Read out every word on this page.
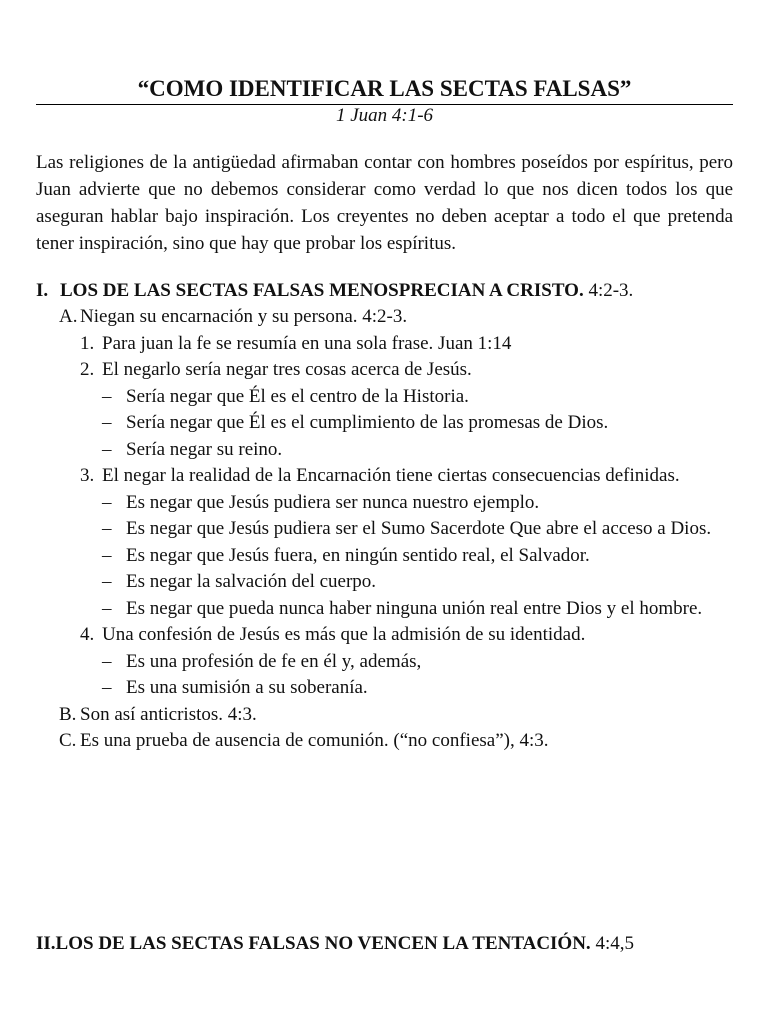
“COMO IDENTIFICAR LAS SECTAS FALSAS”
1 Juan 4:1-6
Las religiones de la antigüedad afirmaban contar con hombres poseídos por espíritus, pero Juan advierte que no debemos considerar como verdad lo que nos dicen todos los que aseguran hablar bajo inspiración. Los creyentes no deben aceptar a todo el que pretenda tener inspiración, sino que hay que probar los espíritus.
I. LOS DE LAS SECTAS FALSAS MENOSPRECIAN A CRISTO. 4:2-3.
A. Niegan su encarnación y su persona. 4:2-3.
1. Para juan la fe se resumía en una sola frase. Juan 1:14
2. El negarlo sería negar tres cosas acerca de Jesús.
– Sería negar que Él es el centro de la Historia.
– Sería negar que Él es el cumplimiento de las promesas de Dios.
– Sería negar su reino.
3. El negar la realidad de la Encarnación tiene ciertas consecuencias definidas.
– Es negar que Jesús pudiera ser nunca nuestro ejemplo.
– Es negar que Jesús pudiera ser el Sumo Sacerdote Que abre el acceso a Dios.
– Es negar que Jesús fuera, en ningún sentido real, el Salvador.
– Es negar la salvación del cuerpo.
– Es negar que pueda nunca haber ninguna unión real entre Dios y el hombre.
4. Una confesión de Jesús es más que la admisión de su identidad.
– Es una profesión de fe en él y, además,
– Es una sumisión a su soberanía.
B. Son así anticristos. 4:3.
C. Es una prueba de ausencia de comunión. (“no confiesa”), 4:3.
II.LOS DE LAS SECTAS FALSAS NO VENCEN LA TENTACIÓN. 4:4,5
